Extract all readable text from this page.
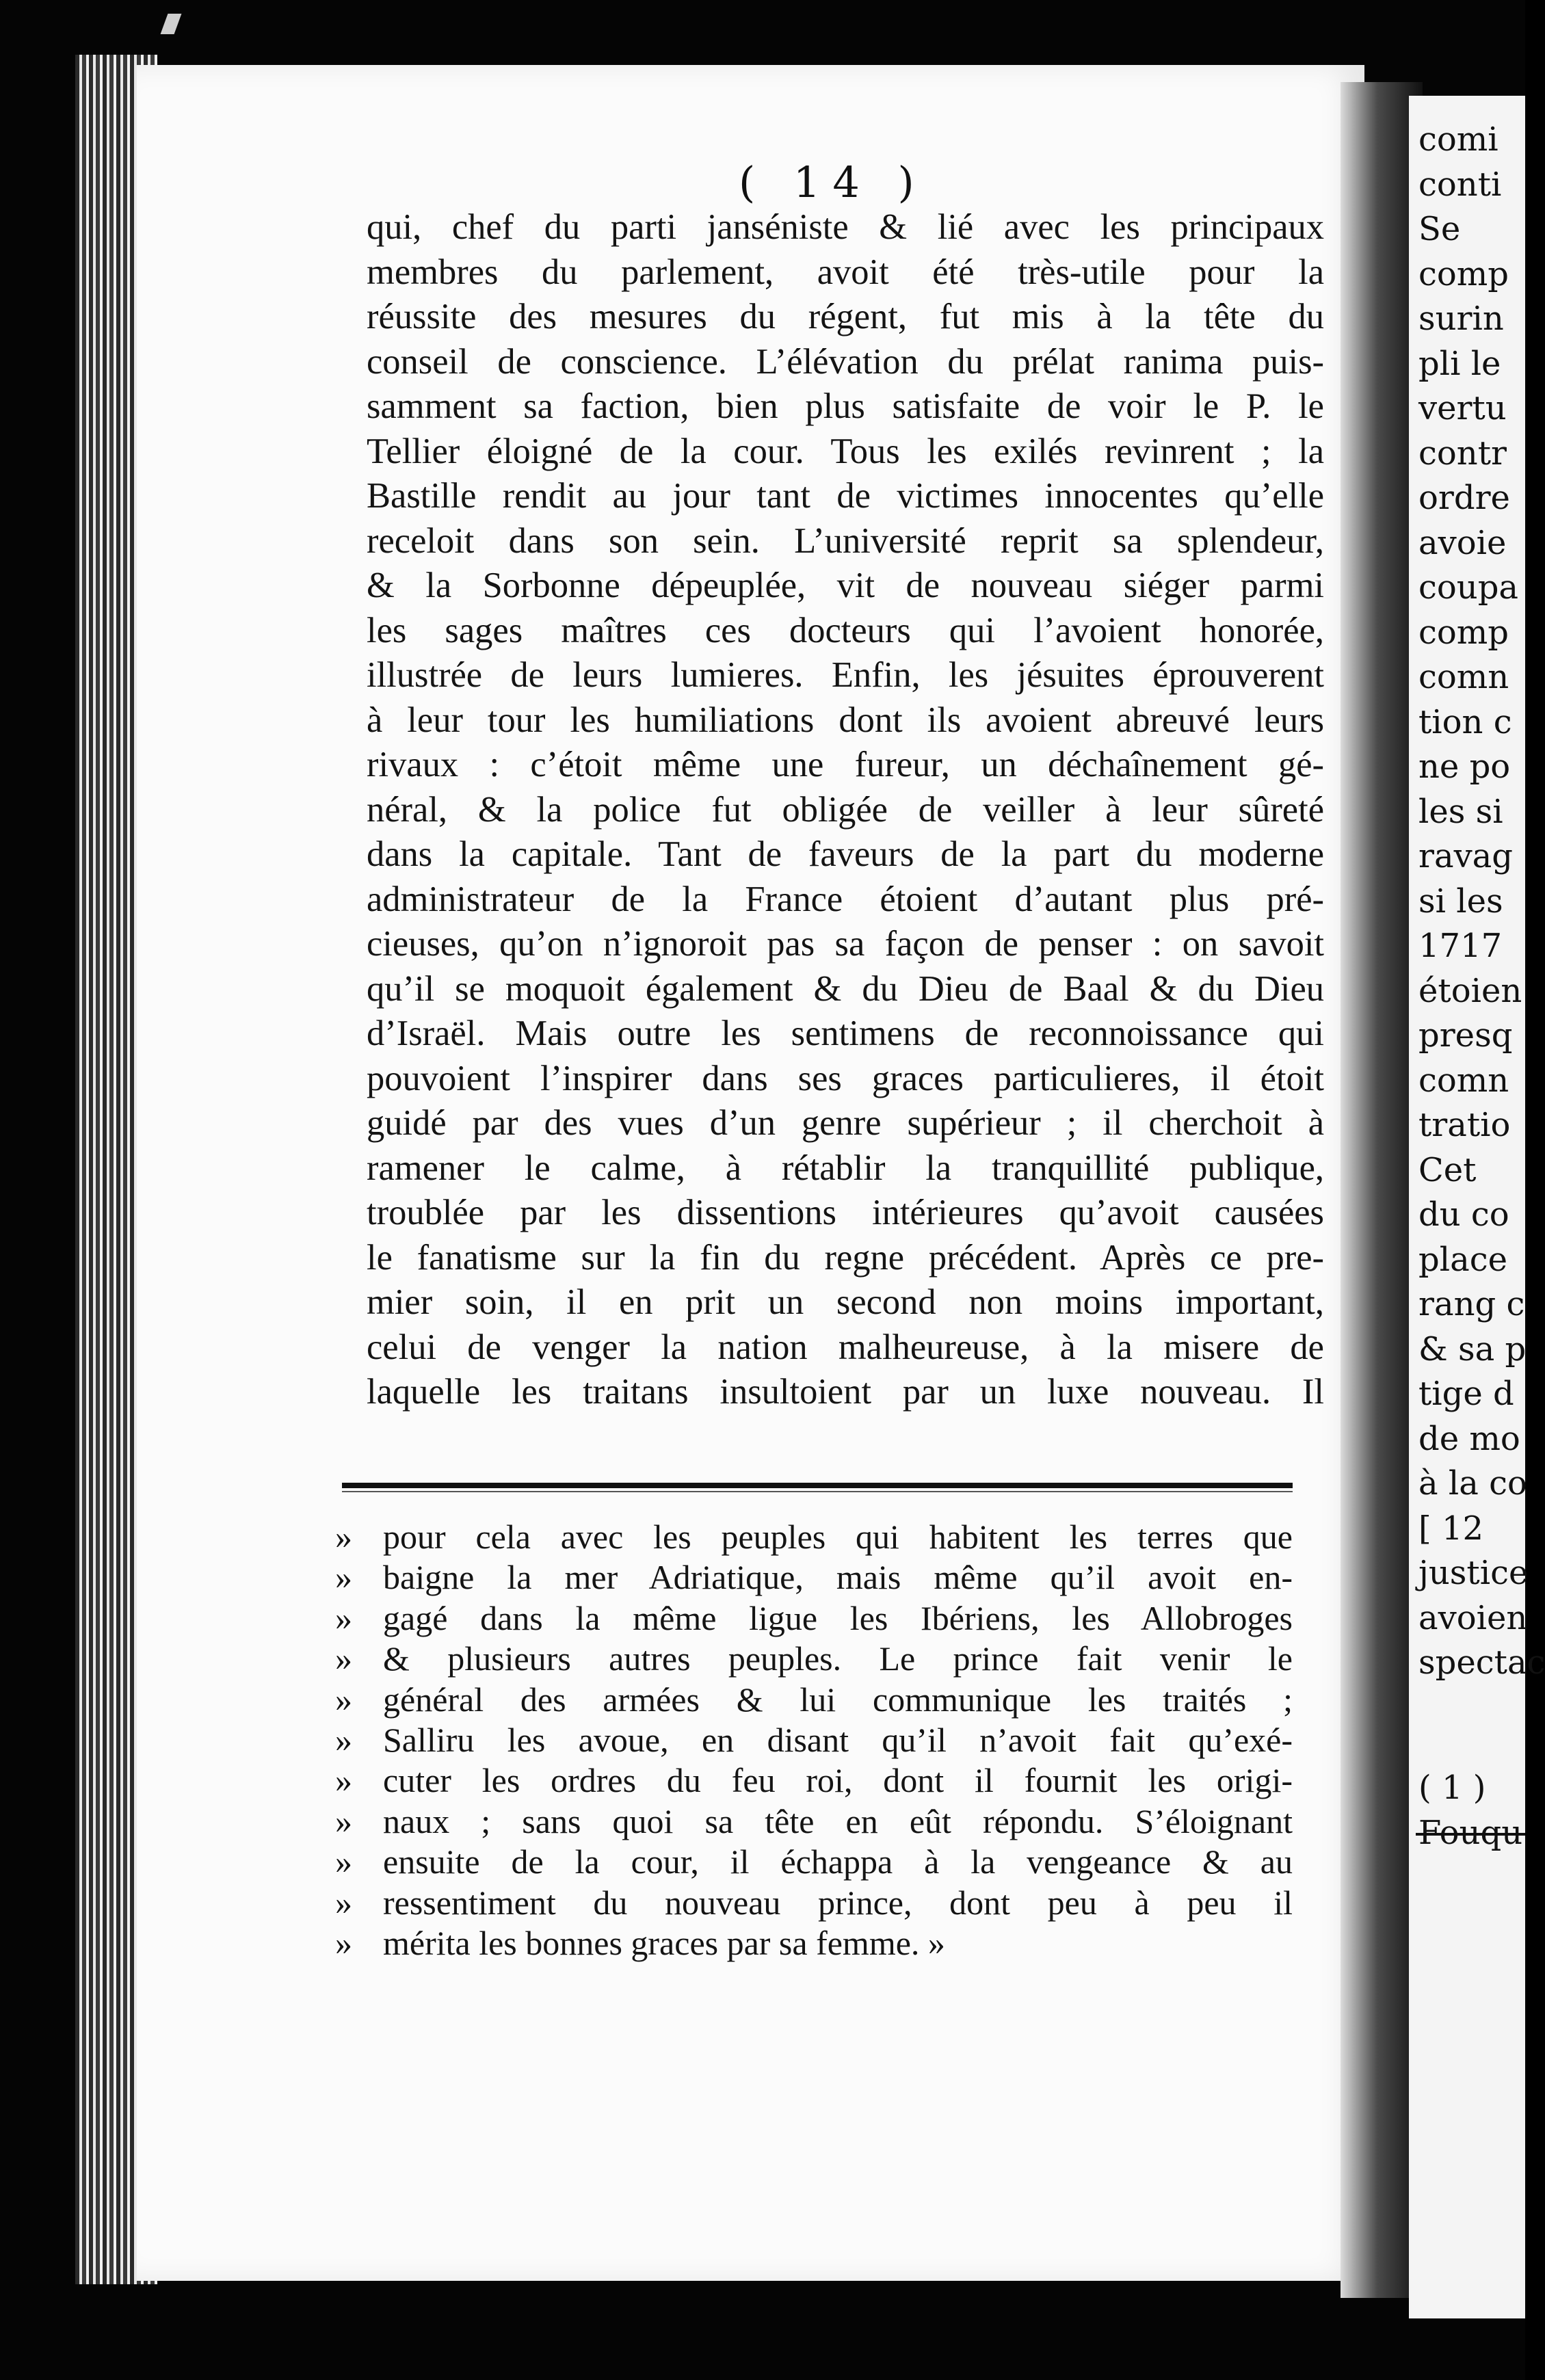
( 14 )
qui, chef du parti janséniste & lié avec les principaux
membres du parlement, avoit été très-utile pour la
réussite des mesures du régent, fut mis à la tête du
conseil de conscience. L’élévation du prélat ranima puis-
samment sa faction, bien plus satisfaite de voir le P. le
Tellier éloigné de la cour. Tous les exilés revinrent ; la
Bastille rendit au jour tant de victimes innocentes qu’elle
receloit dans son sein. L’université reprit sa splendeur,
& la Sorbonne dépeuplée, vit de nouveau siéger parmi
les sages maîtres ces docteurs qui l’avoient honorée,
illustrée de leurs lumieres. Enfin, les jésuites éprouverent
à leur tour les humiliations dont ils avoient abreuvé leurs
rivaux : c’étoit même une fureur, un déchaînement gé-
néral, & la police fut obligée de veiller à leur sûreté
dans la capitale. Tant de faveurs de la part du moderne
administrateur de la France étoient d’autant plus pré-
cieuses, qu’on n’ignoroit pas sa façon de penser : on savoit
qu’il se moquoit également & du Dieu de Baal & du Dieu
d’Israël. Mais outre les sentimens de reconnoissance qui
pouvoient l’inspirer dans ses graces particulieres, il étoit
guidé par des vues d’un genre supérieur ; il cherchoit à
ramener le calme, à rétablir la tranquillité publique,
troublée par les dissentions intérieures qu’avoit causées
le fanatisme sur la fin du regne précédent. Après ce pre-
mier soin, il en prit un second non moins important,
celui de venger la nation malheureuse, à la misere de
laquelle les traitans insultoient par un luxe nouveau. Il
» pour cela avec les peuples qui habitent les terres que
» baigne la mer Adriatique, mais même qu’il avoit en-
» gagé dans la même ligue les Ibériens, les Allobroges
» & plusieurs autres peuples. Le prince fait venir le
» général des armées & lui communique les traités ;
» Salliru les avoue, en disant qu’il n’avoit fait qu’exé-
» cuter les ordres du feu roi, dont il fournit les origi-
» naux ; sans quoi sa tête en eût répondu. S’éloignant
» ensuite de la cour, il échappa à la vengeance & au
» ressentiment du nouveau prince, dont peu à peu il
» mérita les bonnes graces par sa femme. »
comi
conti
Se
comp
surin
pli le
vertu
contr
ordre
avoie
coupa
comp
comn
tion c
ne po
les si
ravag
si les
1717
étoien
presq
comn
tratio
Cet
du co
place
rang c
& sa p
tige d
de mo
à la co
[ 12
justice
avoien
spectac
( 1 )
Fouqu
